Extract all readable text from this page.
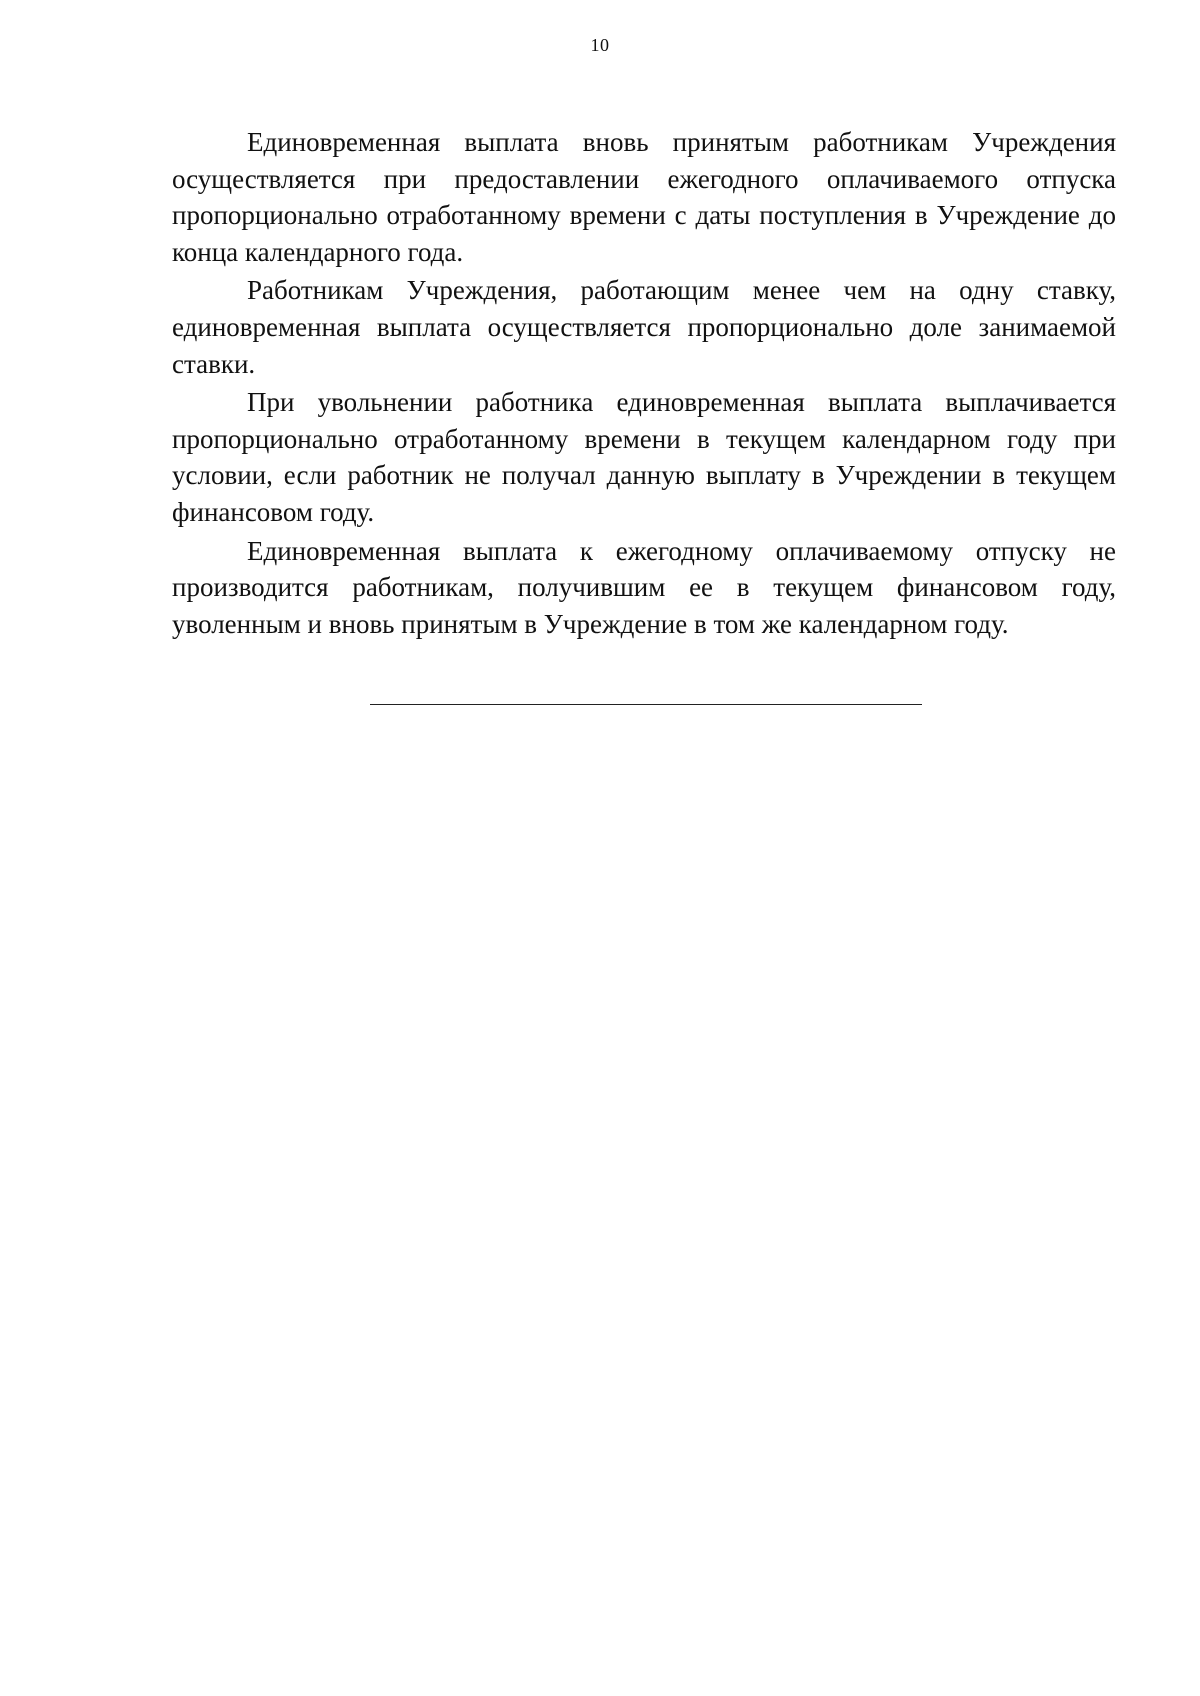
10

Единовременная выплата вновь принятым работникам Учреждения осуществляется при предоставлении ежегодного оплачиваемого отпуска пропорционально отработанному времени с даты поступления в Учреждение до конца календарного года.

Работникам Учреждения, работающим менее чем на одну ставку, единовременная выплата осуществляется пропорционально доле занимаемой ставки.

При увольнении работника единовременная выплата выплачивается пропорционально отработанному времени в текущем календарном году при условии, если работник не получал данную выплату в Учреждении в текущем финансовом году.

Единовременная выплата к ежегодному оплачиваемому отпуску не производится работникам, получившим ее в текущем финансовом году, уволенным и вновь принятым в Учреждение в том же календарном году.
